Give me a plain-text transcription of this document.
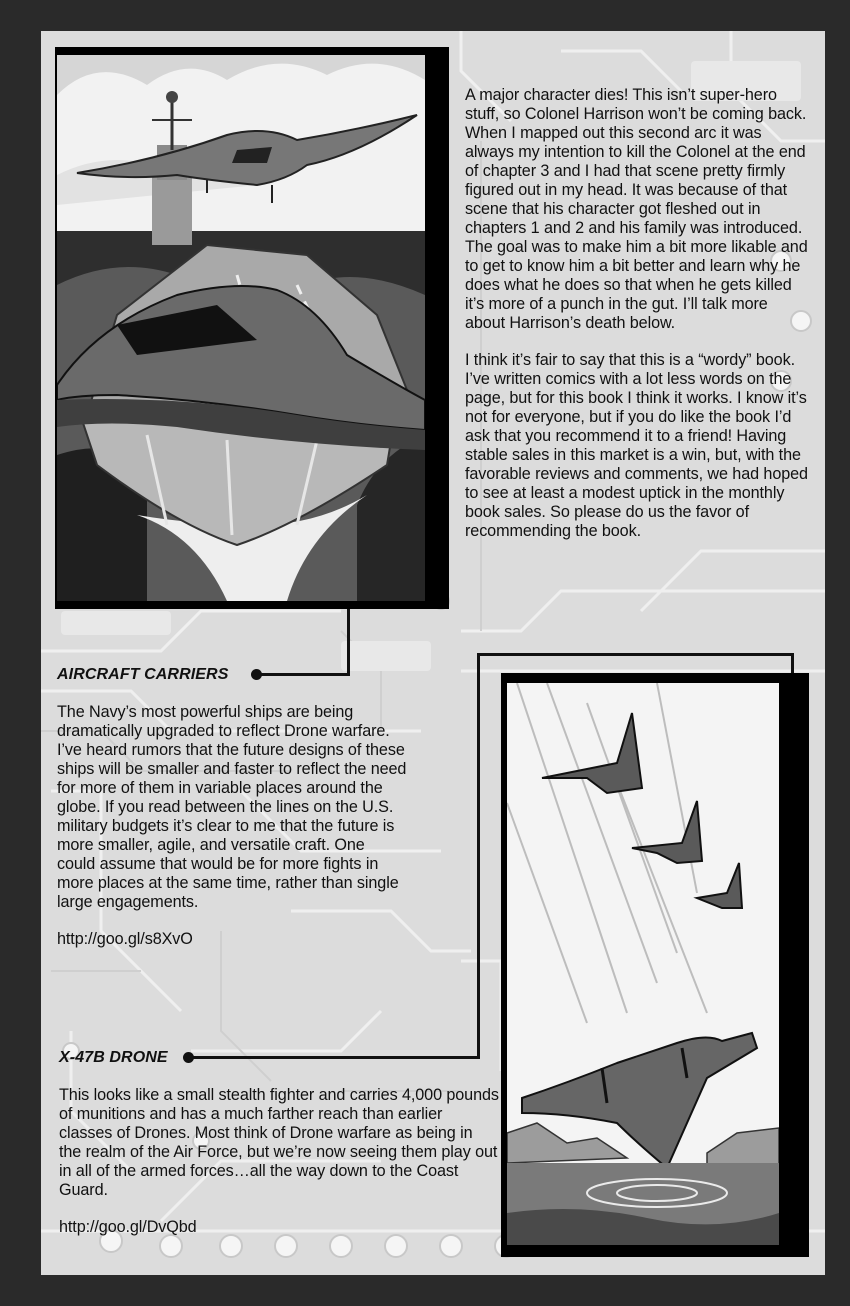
A major character dies! This isn’t super-hero stuff, so Colonel Harrison won’t be coming back. When I mapped out this second arc it was always my intention to kill the Colonel at the end of chapter 3 and I had that scene pretty firmly figured out in my head. It was because of that scene that his character got fleshed out in chapters 1 and 2 and his family was introduced. The goal was to make him a bit more likable and to get to know him a bit better and learn why he does what he does so that when he gets killed it’s more of a punch in the gut. I’ll talk more about Harrison’s death below.

I think it’s fair to say that this is a “wordy” book. I’ve written comics with a lot less words on the page, but for this book I think it works. I know it’s not for everyone, but if you do like the book I’d ask that you recommend it to a friend! Having stable sales in this market is a win, but, with the favorable reviews and comments, we had hoped to see at least a modest uptick in the monthly book sales. So please do us the favor of recommending the book.

AIRCRAFT CARRIERS

The Navy’s most powerful ships are being dramatically upgraded to reflect Drone warfare. I’ve heard rumors that the future designs of these ships will be smaller and faster to reflect the need for more of them in variable places around the globe. If you read between the lines on the U.S. military budgets it’s clear to me that the future is more smaller, agile, and versatile craft. One could assume that would be for more fights in more places at the same time, rather than single large engagements.

http://goo.gl/s8XvO

X-47B DRONE

This looks like a small stealth fighter and carries 4,000 pounds of munitions and has a much farther reach than earlier classes of Drones. Most think of Drone warfare as being in the realm of the Air Force, but we’re now seeing them play out in all of the armed forces…all the way down to the Coast Guard.

http://goo.gl/DvQbd
